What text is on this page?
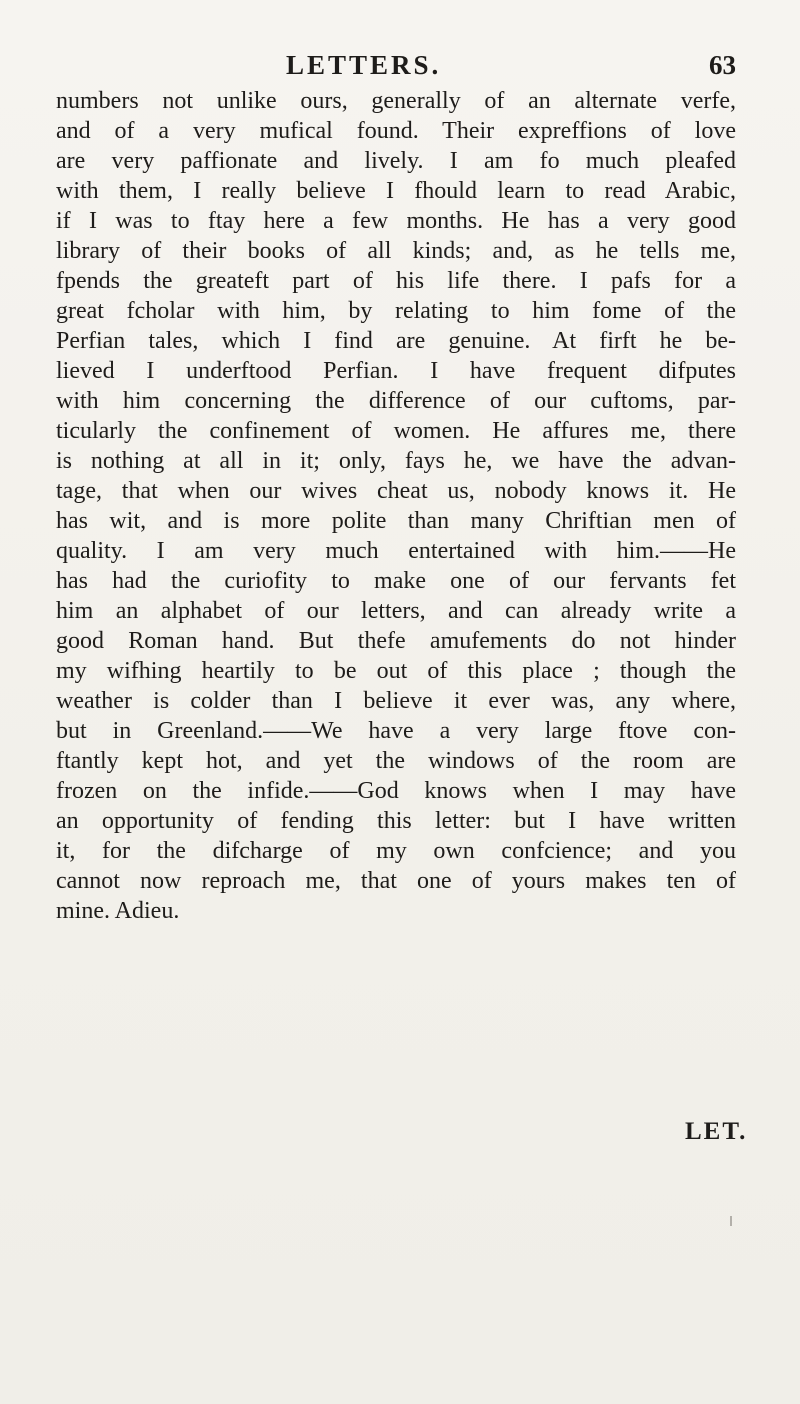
LETTERS.	63
numbers not unlike ours, generally of an alternate verfe,
and of a very mufical found. Their expreffions of love
are very paffionate and lively. I am fo much pleafed
with them, I really believe I fhould learn to read Arabic,
if I was to ftay here a few months. He has a very good
library of their books of all kinds; and, as he tells me,
fpends the greateft part of his life there. I pafs for a
great fcholar with him, by relating to him fome of the
Perfian tales, which I find are genuine. At firft he be-
lieved I underftood Perfian. I have frequent difputes
with him concerning the difference of our cuftoms, par-
ticularly the confinement of women. He affures me, there
is nothing at all in it; only, fays he, we have the advan-
tage, that when our wives cheat us, nobody knows it. He
has wit, and is more polite than many Chriftian men of
quality. I am very much entertained with him.——He
has had the curiofity to make one of our fervants fet
him an alphabet of our letters, and can already write a
good Roman hand. But thefe amufements do not hinder
my wifhing heartily to be out of this place ; though the
weather is colder than I believe it ever was, any where,
but in Greenland.——We have a very large ftove con-
ftantly kept hot, and yet the windows of the room are
frozen on the infide.——God knows when I may have
an opportunity of fending this letter: but I have written
it, for the difcharge of my own confcience; and you
cannot now reproach me, that one of yours makes ten of
mine. Adieu.
LET.
